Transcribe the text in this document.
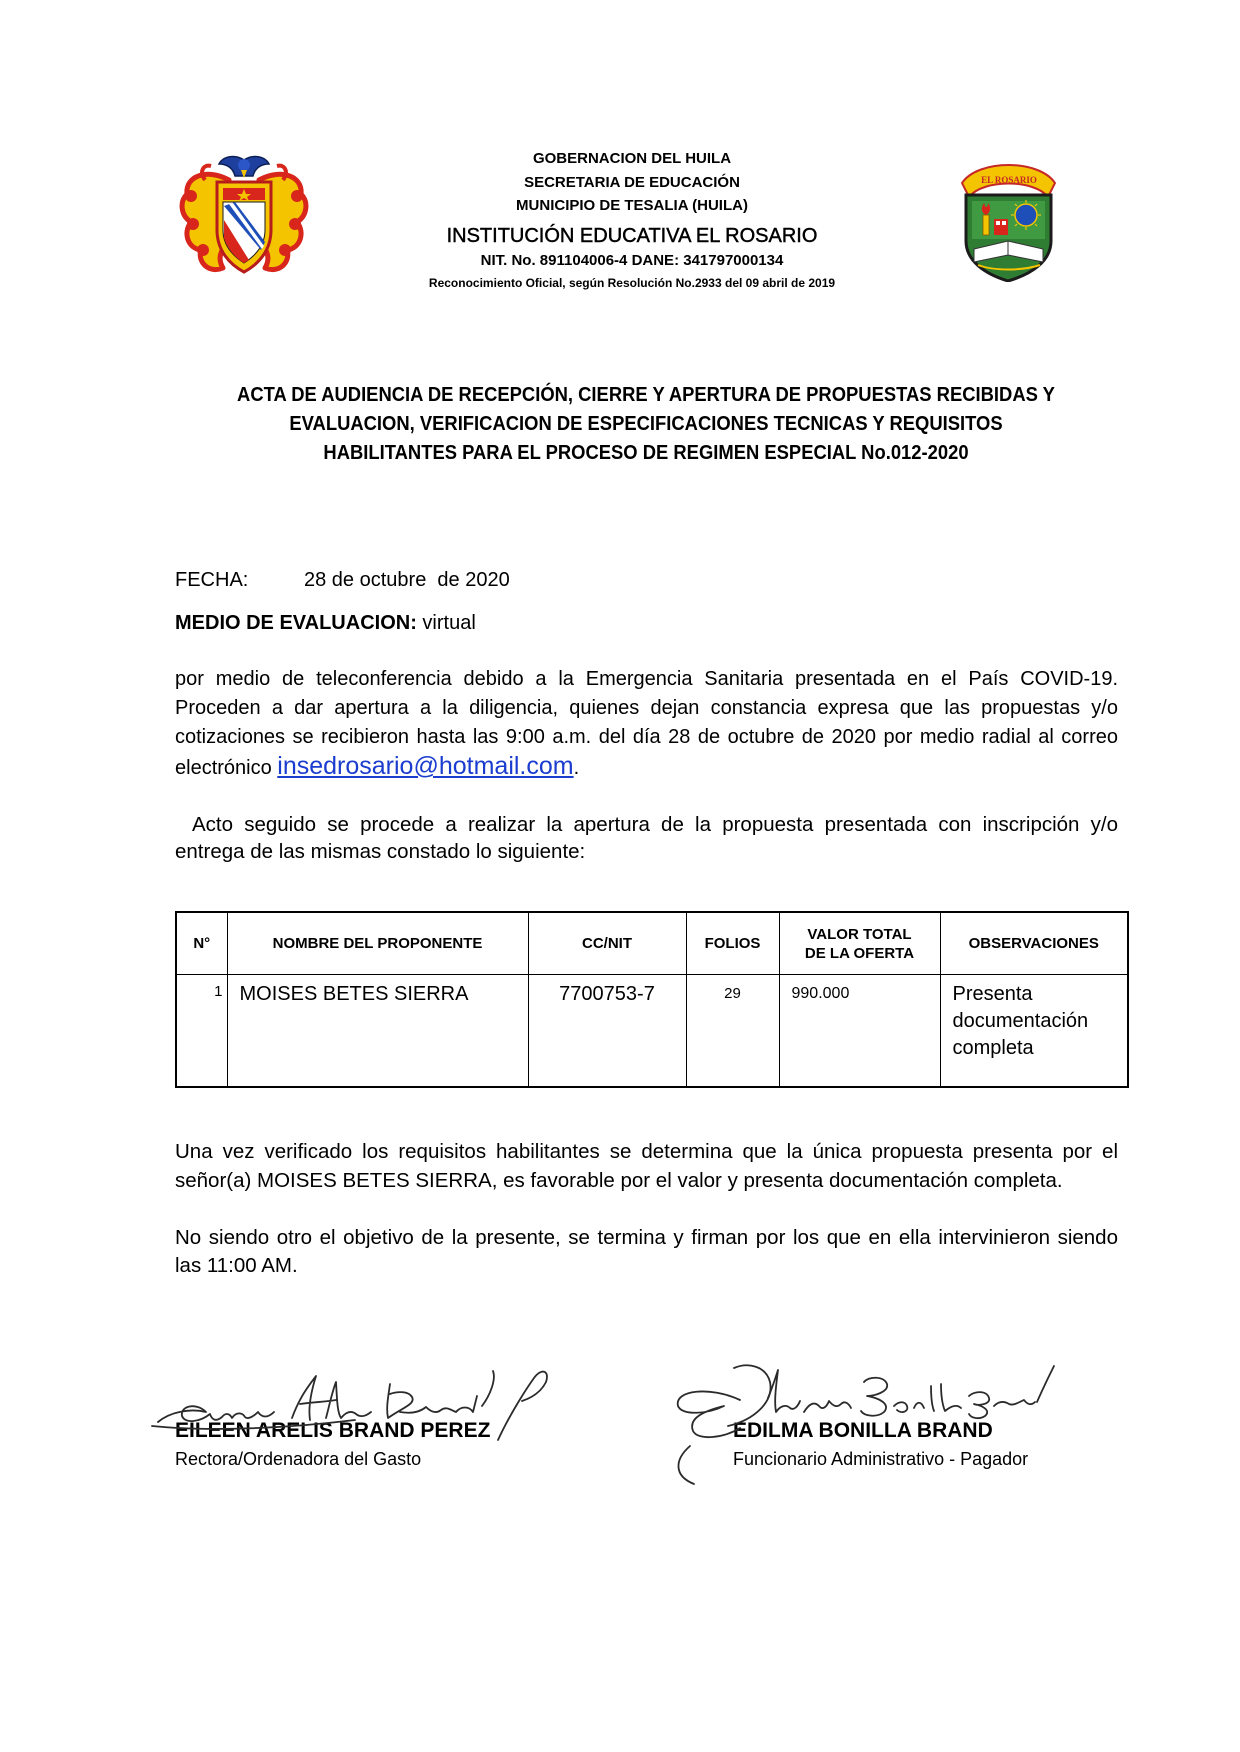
GOBERNACION DEL HUILA
SECRETARIA DE EDUCACIÓN
MUNICIPIO DE TESALIA (HUILA)
INSTITUCIÓN EDUCATIVA EL ROSARIO
NIT. No. 891104006-4 DANE: 341797000134
Reconocimiento Oficial, según Resolución No.2933 del 09 abril de 2019
EL ROSARIO
ACTA DE AUDIENCIA DE RECEPCIÓN, CIERRE Y APERTURA DE PROPUESTAS RECIBIDAS Y
EVALUACION, VERIFICACION DE ESPECIFICACIONES TECNICAS Y REQUISITOS
HABILITANTES PARA EL PROCESO DE REGIMEN ESPECIAL No.012-2020
FECHA:	28 de octubre  de 2020
MEDIO DE EVALUACION: virtual
por medio de teleconferencia debido a la Emergencia Sanitaria presentada en el País COVID-19.
Proceden a dar apertura a la diligencia, quienes dejan constancia expresa que las propuestas y/o
cotizaciones se recibieron hasta las 9:00 a.m. del día 28 de octubre de 2020 por medio radial al correo
electrónico insedrosario@hotmail.com.
Acto seguido se procede a realizar la apertura de la propuesta presentada con inscripción y/o
entrega de las mismas constado lo siguiente:
N°	NOMBRE DEL PROPONENTE	CC/NIT	FOLIOS	VALOR TOTAL
DE LA OFERTA	OBSERVACIONES
1	MOISES BETES SIERRA	7700753-7	29	990.000	Presenta documentación completa
Una vez verificado los requisitos habilitantes se determina que la única propuesta presenta por el
señor(a) MOISES BETES SIERRA, es favorable por el valor y presenta documentación completa.
No siendo otro el objetivo de la presente, se termina y firman por los que en ella intervinieron siendo
las 11:00 AM.
EILEEN ARELIS BRAND PEREZ
Rectora/Ordenadora del Gasto
EDILMA BONILLA BRAND
Funcionario Administrativo - Pagador
